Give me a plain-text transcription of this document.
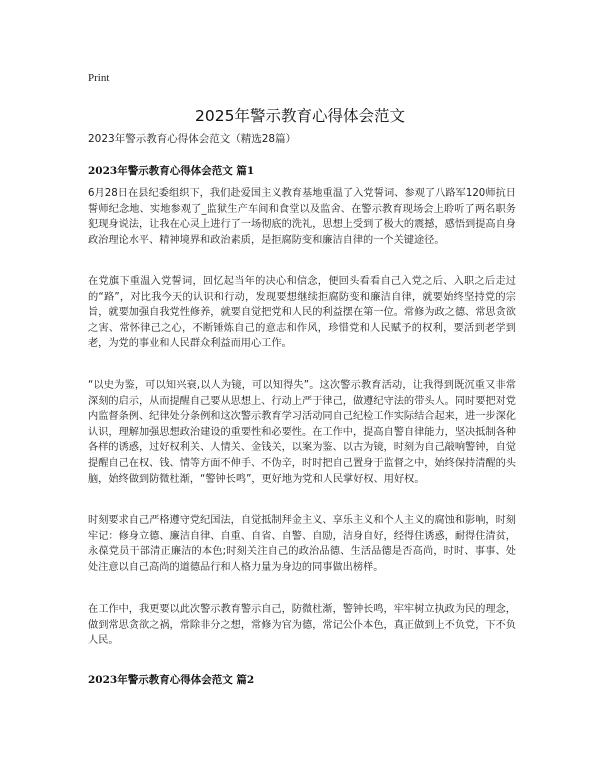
Print
2025年警示教育心得体会范文
2023年警示教育心得体会范文（精选28篇）
2023年警示教育心得体会范文 篇1

6月28日在县纪委组织下，我们赴爱国主义教育基地重温了入党誓词、参观了八路军120师抗日誓师纪念地、实地参观了_监狱生产车间和食堂以及监舍、在警示教育现场会上聆听了两名职务犯现身说法，让我在心灵上进行了一场彻底的洗礼，思想上受到了极大的震撼，感悟到提高自身政治理论水平、精神境界和政治素质，是拒腐防变和廉洁自律的一个关键途径。

在党旗下重温入党誓词，回忆起当年的决心和信念，便回头看看自己入党之后、入职之后走过的“路”，对比我今天的认识和行动，发现要想继续拒腐防变和廉洁自律，就要始终坚持党的宗旨，就要加强自我党性修养，就要自觉把党和人民的利益摆在第一位。常修为政之德、常思贪欲之害、常怀律己之心，不断锤炼自己的意志和作风，珍惜党和人民赋予的权利，要活到老学到老，为党的事业和人民群众利益而用心工作。

“以史为鉴，可以知兴衰,以人为镜，可以知得失”。这次警示教育活动，让我得到既沉重又非常深刻的启示，从而提醒自己要从思想上、行动上严于律己，做遵纪守法的带头人。同时要把对党内监督条例、纪律处分条例和这次警示教育学习活动同自己纪检工作实际结合起来，进一步深化认识，理解加强思想政治建设的重要性和必要性。在工作中，提高自警自律能力，坚决抵制各种各样的诱惑，过好权利关、人情关、金钱关，以案为鉴、以古为镜，时刻为自己敲响警钟，自觉提醒自己在权、钱、情等方面不伸手、不伪辛，时时把自己置身于监督之中，始终保持清醒的头脑，始终做到防微杜渐，“警钟长鸣”，更好地为党和人民掌好权、用好权。

时刻要求自己严格遵守党纪国法，自觉抵制拜金主义、享乐主义和个人主义的腐蚀和影响，时刻牢记：修身立德、廉洁自律、自重、自省、自警、自励，洁身自好，经得住诱惑，耐得住清贫，永葆党员干部清正廉洁的本色;时刻关注自己的政治品德、生活品德是否高尚，时时、事事、处处注意以自己高尚的道德品行和人格力量为身边的同事做出榜样。

在工作中，我更要以此次警示教育警示自己，防微杜渐，警钟长鸣，牢牢树立执政为民的理念，做到常思贪欲之祸，常除非分之想，常修为官为德，常记公仆本色，真正做到上不负党，下不负人民。

2023年警示教育心得体会范文 篇2
